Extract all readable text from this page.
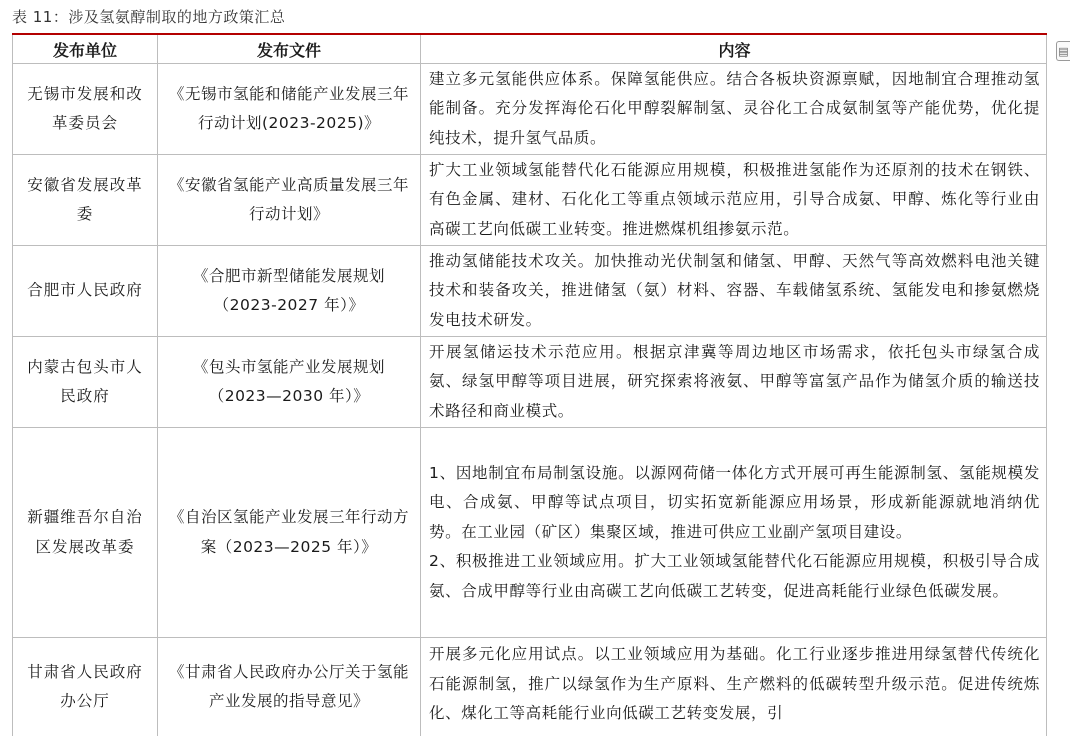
表 11：涉及氢氨醇制取的地方政策汇总
发布单位	发布文件	内容
无锡市发展和改革委员会
《无锡市氢能和储能产业发展三年行动计划(2023-2025)》
建立多元氢能供应体系。保障氢能供应。结合各板块资源禀赋，因地制宜合理推动氢能制备。充分发挥海伦石化甲醇裂解制氢、灵谷化工合成氨制氢等产能优势，优化提纯技术，提升氢气品质。
安徽省发展改革委
《安徽省氢能产业高质量发展三年行动计划》
扩大工业领域氢能替代化石能源应用规模，积极推进氢能作为还原剂的技术在钢铁、有色金属、建材、石化化工等重点领域示范应用，引导合成氨、甲醇、炼化等行业由高碳工艺向低碳工业转变。推进燃煤机组掺氨示范。
合肥市人民政府
《合肥市新型储能发展规划（2023-2027 年）》
推动氢储能技术攻关。加快推动光伏制氢和储氢、甲醇、天然气等高效燃料电池关键技术和装备攻关，推进储氢（氨）材料、容器、车载储氢系统、氢能发电和掺氨燃烧发电技术研发。
内蒙古包头市人民政府
《包头市氢能产业发展规划（2023—2030 年）》
开展氢储运技术示范应用。根据京津冀等周边地区市场需求，依托包头市绿氢合成氨、绿氢甲醇等项目进展，研究探索将液氨、甲醇等富氢产品作为储氢介质的输送技术路径和商业模式。
新疆维吾尔自治区发展改革委
《自治区氢能产业发展三年行动方案（2023—2025 年）》
1、因地制宜布局制氢设施。以源网荷储一体化方式开展可再生能源制氢、氢能规模发电、合成氨、甲醇等试点项目，切实拓宽新能源应用场景，形成新能源就地消纳优势。在工业园（矿区）集聚区域，推进可供应工业副产氢项目建设。
2、积极推进工业领域应用。扩大工业领域氢能替代化石能源应用规模，积极引导合成氨、合成甲醇等行业由高碳工艺向低碳工艺转变，促进高耗能行业绿色低碳发展。
甘肃省人民政府办公厅
《甘肃省人民政府办公厅关于氢能产业发展的指导意见》
开展多元化应用试点。以工业领域应用为基础。化工行业逐步推进用绿氢替代传统化石能源制氢，推广以绿氢作为生产原料、生产燃料的低碳转型升级示范。促进传统炼化、煤化工等高耗能行业向低碳工艺转变发展，引
▤
